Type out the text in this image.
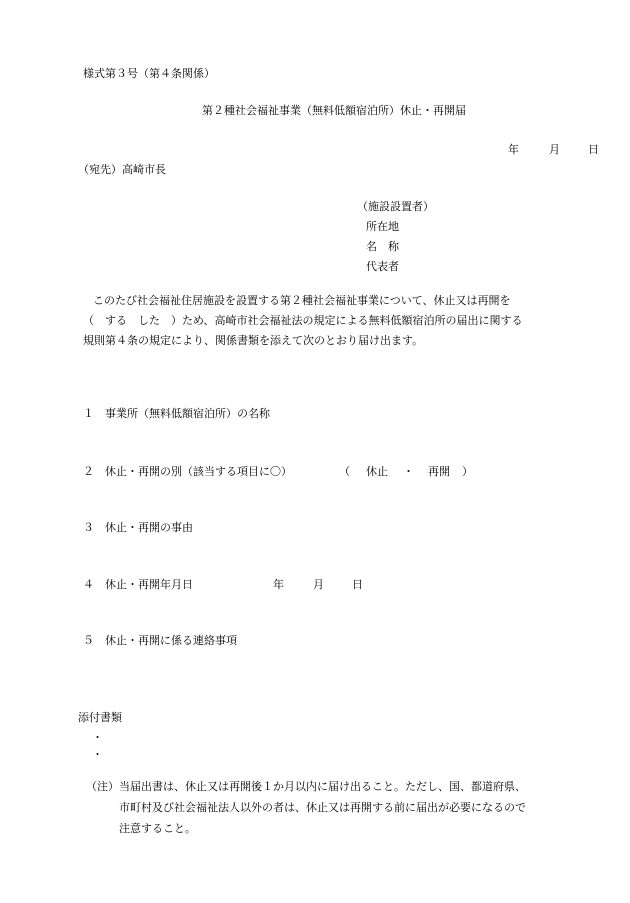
様式第３号（第４条関係）
第２種社会福祉事業（無料低額宿泊所）休止・再開届
年	月	日
（宛先）高崎市長
（施設設置者）
所在地
名　称
代表者
このたび社会福祉住居施設を設置する第２種社会福祉事業について、休止又は再開を
（　する　した　）ため、高崎市社会福祉法の規定による無料低額宿泊所の届出に関する
規則第４条の規定により、関係書類を添えて次のとおり届け出ます。
１ 事業所（無料低額宿泊所）の名称
２ 休止・再開の別（該当する項目に〇）	（ 休止 ・ 再開 ）
３ 休止・再開の事由
４ 休止・再開年月日	年	月	日
５ 休止・再開に係る連絡事項
添付書類
・
・
（注）当届出書は、休止又は再開後１か月以内に届け出ること。ただし、国、都道府県、
市町村及び社会福祉法人以外の者は、休止又は再開する前に届出が必要になるので
注意すること。
